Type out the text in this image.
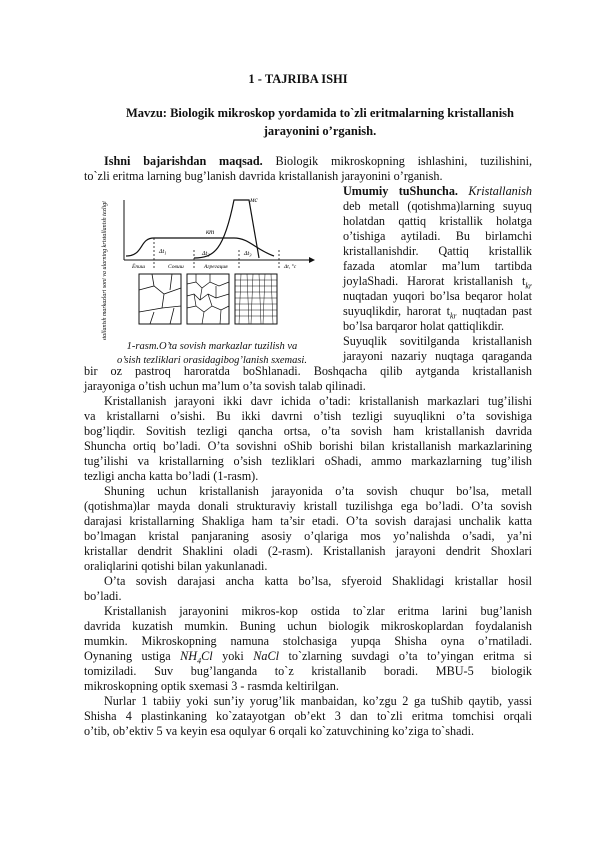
1 - TAJRIBA ISHI
Mavzu: Biologik mikroskop yordamida to`zli eritmalarning kristallanish
jarayonini o’rganish.
Ishni bajarishdan maqsad. Biologik mikroskopning ishlashini, tuzilishini,
to`zli eritma larning bug’lanish davrida kristallanish jarayonini o’rganish.
Umumiy tuShuncha. Kristallanish
deb metall (qotishma)larning suyuq
holatdan qattiq kristallik holatga
o’tishiga aytiladi. Bu birlamchi
kristallanishdir. Qattiq kristallik
fazada atomlar ma’lum tartibda
joylaShadi. Harorat kristallanish $t_{kr}$
nuqtadan yuqori bo’lsa beqaror holat
suyuqlikdir, harorat $t_{kr}$ nuqtadan past
bo’lsa barqaror holat qattiqlikdir.
Suyuqlik sovitilganda kristallanish
jarayoni nazariy nuqtaga qaraganda
Kristallanish markazlari soni va ularning kristallanish tezligi
мс
кт
$\Delta t_1$	$\Delta t_2$	$\Delta t_3$
Ёпиш	Совиш	Агрегация	Δt, °с
1-rasm.O’ta sovish markazlar tuzilish va
o’sish tezliklari orasidagibog’lanish sxemasi.
bir oz pastroq haroratda boShlanadi. Boshqacha qilib aytganda kristallanish
jarayoniga o’tish uchun ma’lum o’ta sovish talab qilinadi.
Kristallanish jarayoni ikki davr ichida o’tadi: kristallanish markazlari tug’ilishi
va kristallarni o’sishi. Bu ikki davrni o’tish tezligi suyuqlikni o’ta sovishiga
bog’liqdir. Sovitish tezligi qancha ortsa, o’ta sovish ham kristallanish davrida
Shuncha ortiq bo’ladi. O’ta sovishni oShib borishi bilan kristallanish markazlarining
tug’ilishi va kristallarning o’sish tezliklari oShadi, ammo markazlarning tug’ilish
tezligi ancha katta bo’ladi (1-rasm).
Shuning uchun kristallanish jarayonida o’ta sovish chuqur bo’lsa, metall
(qotishma)lar mayda donali strukturaviy kristall tuzilishga ega bo’ladi. O’ta sovish
darajasi kristallarning Shakliga ham ta’sir etadi. O’ta sovish darajasi unchalik katta
bo’lmagan kristal panjaraning asosiy o’qlariga mos yo’nalishda o’sadi, ya’ni
kristallar dendrit Shaklini oladi (2-rasm). Kristallanish jarayoni dendrit Shoxlari
oraliqlarini qotishi bilan yakunlanadi.
O’ta sovish darajasi ancha katta bo’lsa, sfyeroid Shaklidagi kristallar hosil
bo’ladi.
Kristallanish jarayonini mikros-kop ostida to`zlar eritma larini bug’lanish
davrida kuzatish mumkin. Buning uchun biologik mikroskoplardan foydalanish
mumkin. Mikroskopning namuna stolchasiga yupqa Shisha oyna o’rnatiladi.
Oynaning ustiga $NH_4Cl$ yoki NaCl to`zlarning suvdagi o’ta to’yingan eritma si
tomiziladi. Suv bug’langanda to`z kristallanib boradi. MBU-5 biologik
mikroskopning optik sxemasi 3 - rasmda keltirilgan.
Nurlar 1 tabiiy yoki sun’iy yorug’lik manbaidan, ko’zgu 2 ga tuShib qaytib, yassi
Shisha 4 plastinkaning ko`zatayotgan ob’ekt 3 dan to`zli eritma tomchisi orqali
o’tib, ob’ektiv 5 va keyin esa oqulyar 6 orqali ko`zatuvchining ko’ziga to`shadi.
